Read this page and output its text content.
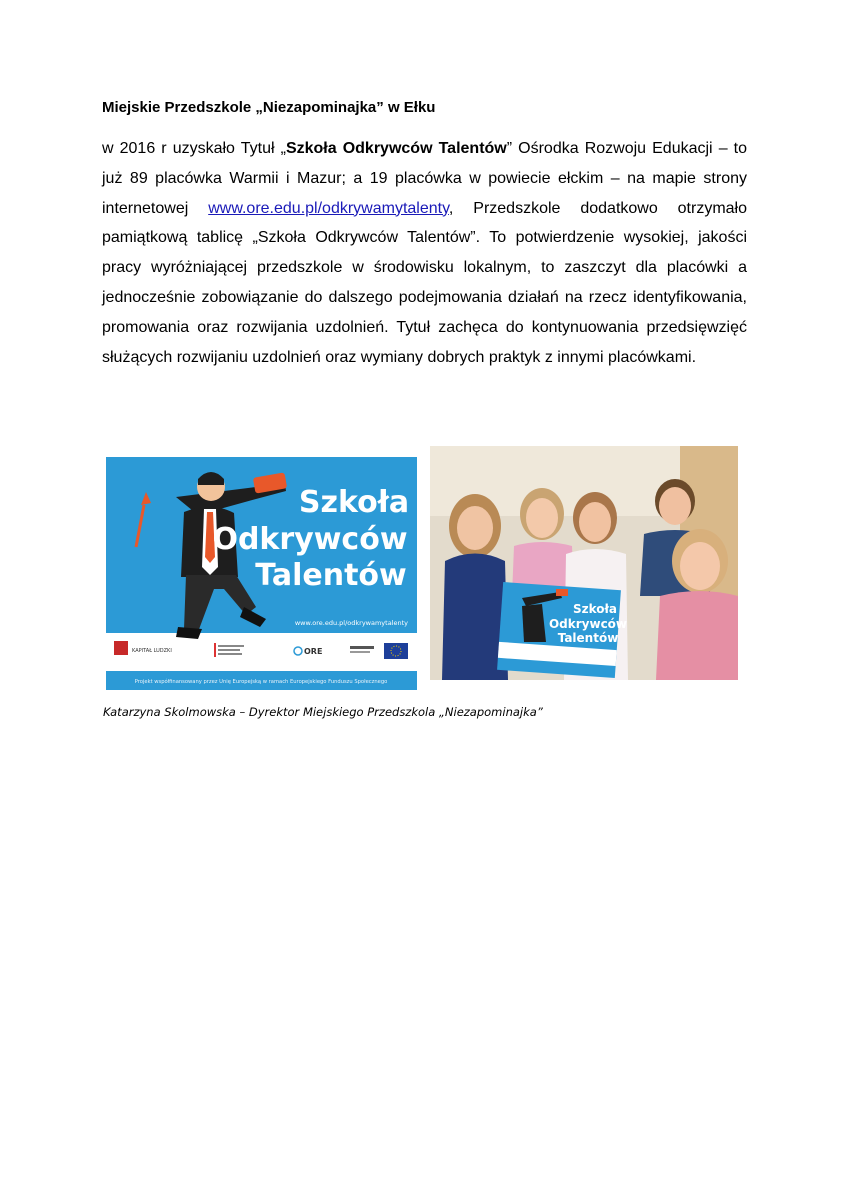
Miejskie Przedszkole „Niezapominajka” w Ełku

w 2016 r uzyskało Tytuł „Szkoła Odkrywców Talentów” Ośrodka Rozwoju Edukacji – to już 89 placówka Warmii i Mazur; a 19 placówka w powiecie ełckim – na mapie strony internetowej www.ore.edu.pl/odkrywamytalenty, Przedszkole dodatkowo otrzymało pamiątkową tablicę „Szkoła Odkrywców Talentów”. To potwierdzenie wysokiej, jakości pracy wyróżniającej przedszkole w środowisku lokalnym, to zaszczyt dla placówki a jednocześnie zobowiązanie do dalszego podejmowania działań na rzecz identyfikowania, promowania oraz rozwijania uzdolnień. Tytuł zachęca do kontynuowania przedsięwzięć służących rozwijaniu uzdolnień oraz wymiany dobrych praktyk z innymi placówkami.

Szkoła
Odkrywców
Talentów
www.ore.edu.pl/odkrywamytalenty
KAPITAŁ LUDZKI	ORE
Projekt współfinansowany przez Unię Europejską w ramach Europejskiego Funduszu Społecznego
Szkoła
Odkrywców
Talentów
Katarzyna Skolmowska – Dyrektor Miejskiego Przedszkola „Niezapominajka”
